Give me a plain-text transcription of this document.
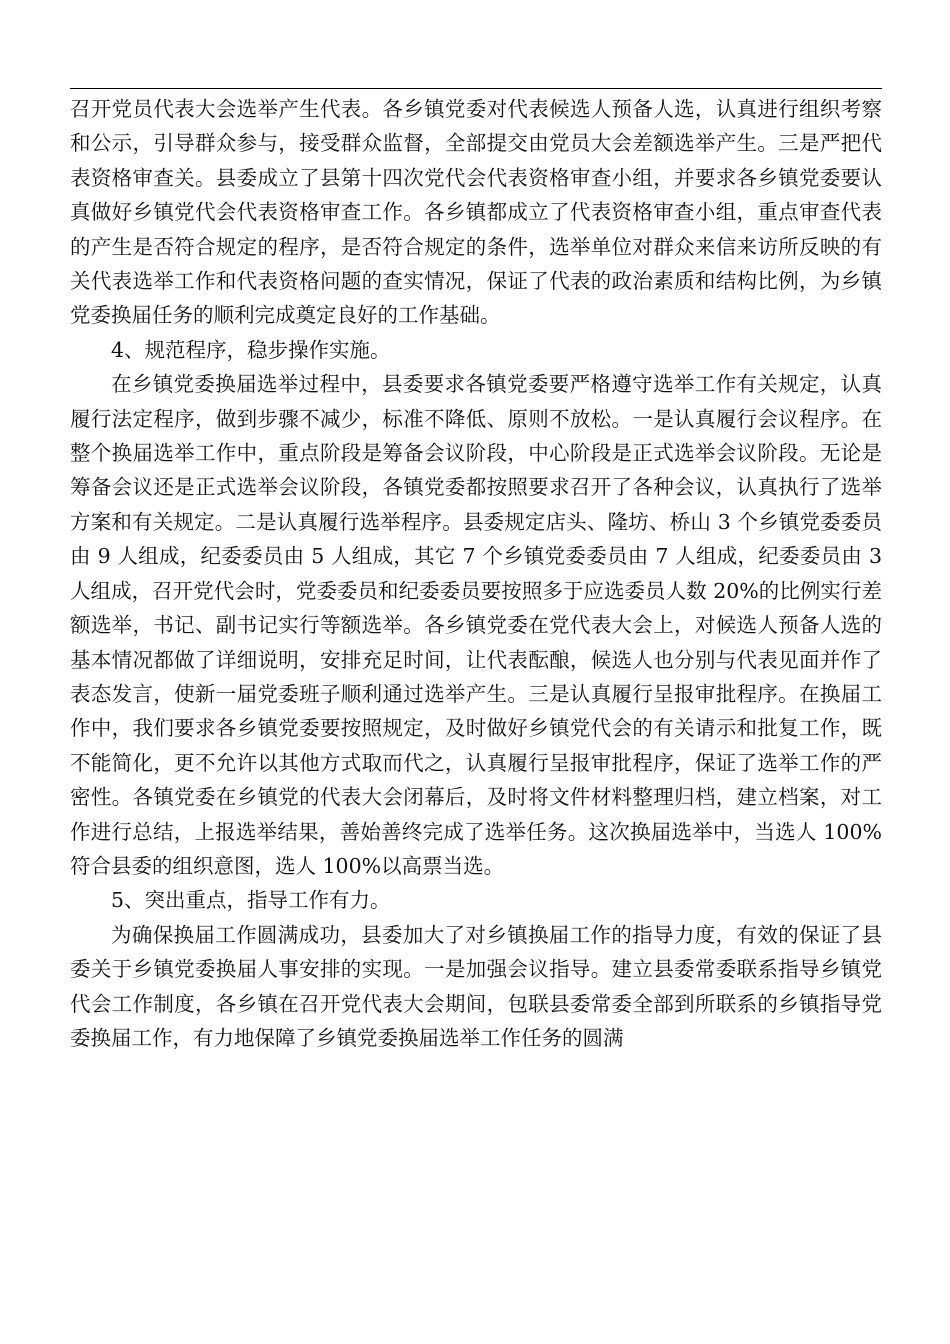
召开党员代表大会选举产生代表。各乡镇党委对代表候选人预备人选，认真进行组织考察和公示，引导群众参与，接受群众监督，全部提交由党员大会差额选举产生。三是严把代表资格审查关。县委成立了县第十四次党代会代表资格审查小组，并要求各乡镇党委要认真做好乡镇党代会代表资格审查工作。各乡镇都成立了代表资格审查小组，重点审查代表的产生是否符合规定的程序，是否符合规定的条件，选举单位对群众来信来访所反映的有关代表选举工作和代表资格问题的查实情况，保证了代表的政治素质和结构比例，为乡镇党委换届任务的顺利完成奠定良好的工作基础。

4、规范程序，稳步操作实施。

在乡镇党委换届选举过程中，县委要求各镇党委要严格遵守选举工作有关规定，认真履行法定程序，做到步骤不减少，标准不降低、原则不放松。一是认真履行会议程序。在整个换届选举工作中，重点阶段是筹备会议阶段，中心阶段是正式选举会议阶段。无论是筹备会议还是正式选举会议阶段，各镇党委都按照要求召开了各种会议，认真执行了选举方案和有关规定。二是认真履行选举程序。县委规定店头、隆坊、桥山 3 个乡镇党委委员由 9 人组成，纪委委员由 5 人组成，其它 7 个乡镇党委委员由 7 人组成，纪委委员由 3 人组成，召开党代会时，党委委员和纪委委员要按照多于应选委员人数 20%的比例实行差额选举，书记、副书记实行等额选举。各乡镇党委在党代表大会上，对候选人预备人选的基本情况都做了详细说明，安排充足时间，让代表酝酿，候选人也分别与代表见面并作了表态发言，使新一届党委班子顺利通过选举产生。三是认真履行呈报审批程序。在换届工作中，我们要求各乡镇党委要按照规定，及时做好乡镇党代会的有关请示和批复工作，既不能简化，更不允许以其他方式取而代之，认真履行呈报审批程序，保证了选举工作的严密性。各镇党委在乡镇党的代表大会闭幕后，及时将文件材料整理归档，建立档案，对工作进行总结，上报选举结果，善始善终完成了选举任务。这次换届选举中，当选人 100%符合县委的组织意图，选人 100%以高票当选。

5、突出重点，指导工作有力。

为确保换届工作圆满成功，县委加大了对乡镇换届工作的指导力度，有效的保证了县委关于乡镇党委换届人事安排的实现。一是加强会议指导。建立县委常委联系指导乡镇党代会工作制度，各乡镇在召开党代表大会期间，包联县委常委全部到所联系的乡镇指导党委换届工作，有力地保障了乡镇党委换届选举工作任务的圆满
